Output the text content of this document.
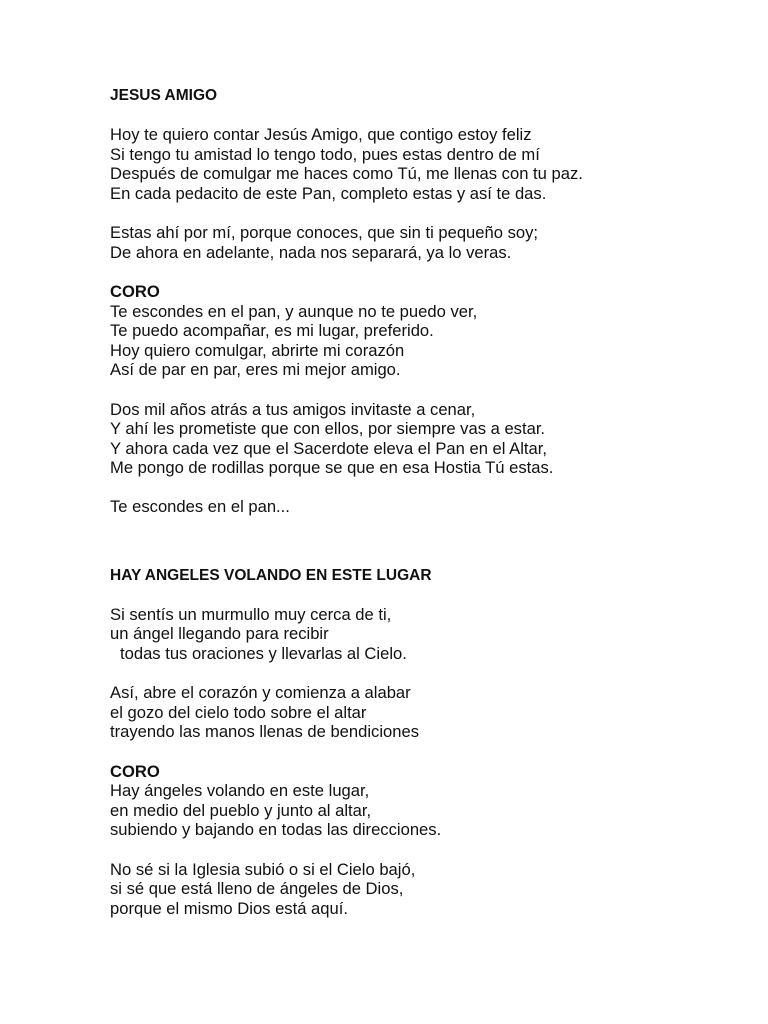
JESUS AMIGO
Hoy te quiero contar Jesús Amigo, que contigo estoy feliz
Si tengo tu amistad lo tengo todo, pues estas dentro de mí
Después de comulgar me haces como Tú, me llenas con tu paz.
En cada pedacito de este Pan, completo estas y así te das.
Estas ahí por mí, porque conoces, que sin ti pequeño soy;
De ahora en adelante, nada nos separará, ya lo veras.
CORO
Te escondes en el pan, y aunque no te puedo ver,
Te puedo acompañar, es mi lugar, preferido.
Hoy quiero comulgar, abrirte mi corazón
Así de par en par, eres mi mejor amigo.
Dos mil años atrás a tus amigos invitaste a cenar,
Y ahí les prometiste que con ellos, por siempre vas a estar.
Y ahora cada vez que el Sacerdote eleva el Pan en el Altar,
Me pongo de rodillas porque se que en esa Hostia Tú estas.
Te escondes en el pan...
HAY ANGELES VOLANDO EN ESTE LUGAR
Si sentís un murmullo muy cerca de ti,
un ángel llegando para recibir
todas tus oraciones y llevarlas al Cielo.
Así, abre el corazón y comienza a alabar
el gozo del cielo todo sobre el altar
trayendo las manos llenas de bendiciones
CORO
Hay ángeles volando en este lugar,
en medio del pueblo y junto al altar,
subiendo y bajando en todas las direcciones.
No sé si la Iglesia subió o si el Cielo bajó,
si sé que está lleno de ángeles de Dios,
porque el mismo Dios está aquí.
